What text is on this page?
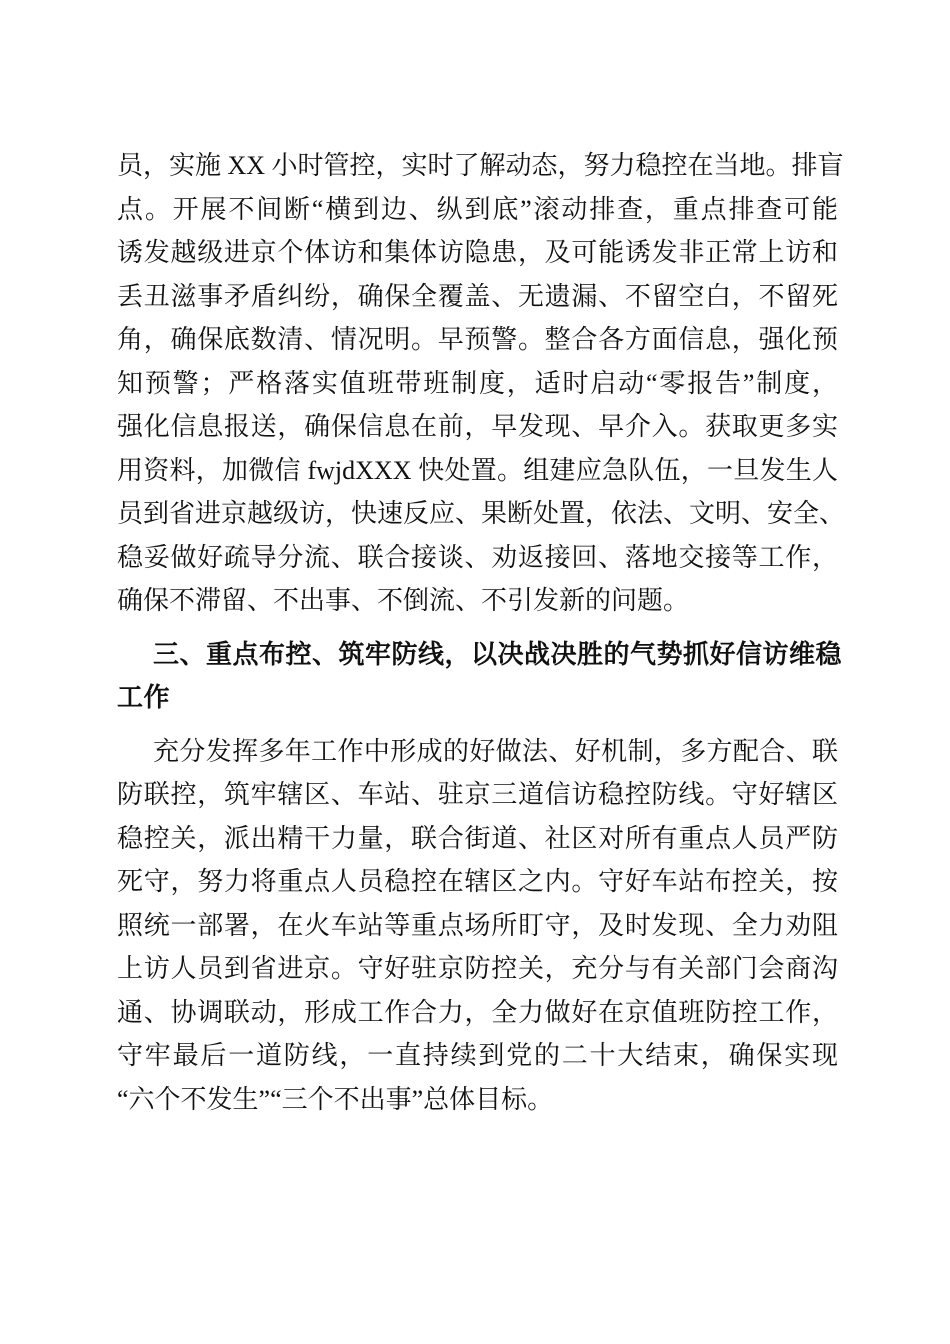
员，实施 XX 小时管控，实时了解动态，努力稳控在当地。排盲
点。开展不间断“横到边、纵到底”滚动排查，重点排查可能
诱发越级进京个体访和集体访隐患，及可能诱发非正常上访和
丢丑滋事矛盾纠纷，确保全覆盖、无遗漏、不留空白，不留死
角，确保底数清、情况明。早预警。整合各方面信息，强化预
知预警；严格落实值班带班制度，适时启动“零报告”制度，
强化信息报送，确保信息在前，早发现、早介入。获取更多实
用资料，加微信 fwjdXXX 快处置。组建应急队伍，一旦发生人
员到省进京越级访，快速反应、果断处置，依法、文明、安全、
稳妥做好疏导分流、联合接谈、劝返接回、落地交接等工作，
确保不滞留、不出事、不倒流、不引发新的问题。
三、重点布控、筑牢防线，以决战决胜的气势抓好信访维稳
工作
充分发挥多年工作中形成的好做法、好机制，多方配合、联
防联控，筑牢辖区、车站、驻京三道信访稳控防线。守好辖区
稳控关，派出精干力量，联合街道、社区对所有重点人员严防
死守，努力将重点人员稳控在辖区之内。守好车站布控关，按
照统一部署，在火车站等重点场所盯守，及时发现、全力劝阻
上访人员到省进京。守好驻京防控关，充分与有关部门会商沟
通、协调联动，形成工作合力，全力做好在京值班防控工作，
守牢最后一道防线，一直持续到党的二十大结束，确保实现
“六个不发生”“三个不出事”总体目标。
